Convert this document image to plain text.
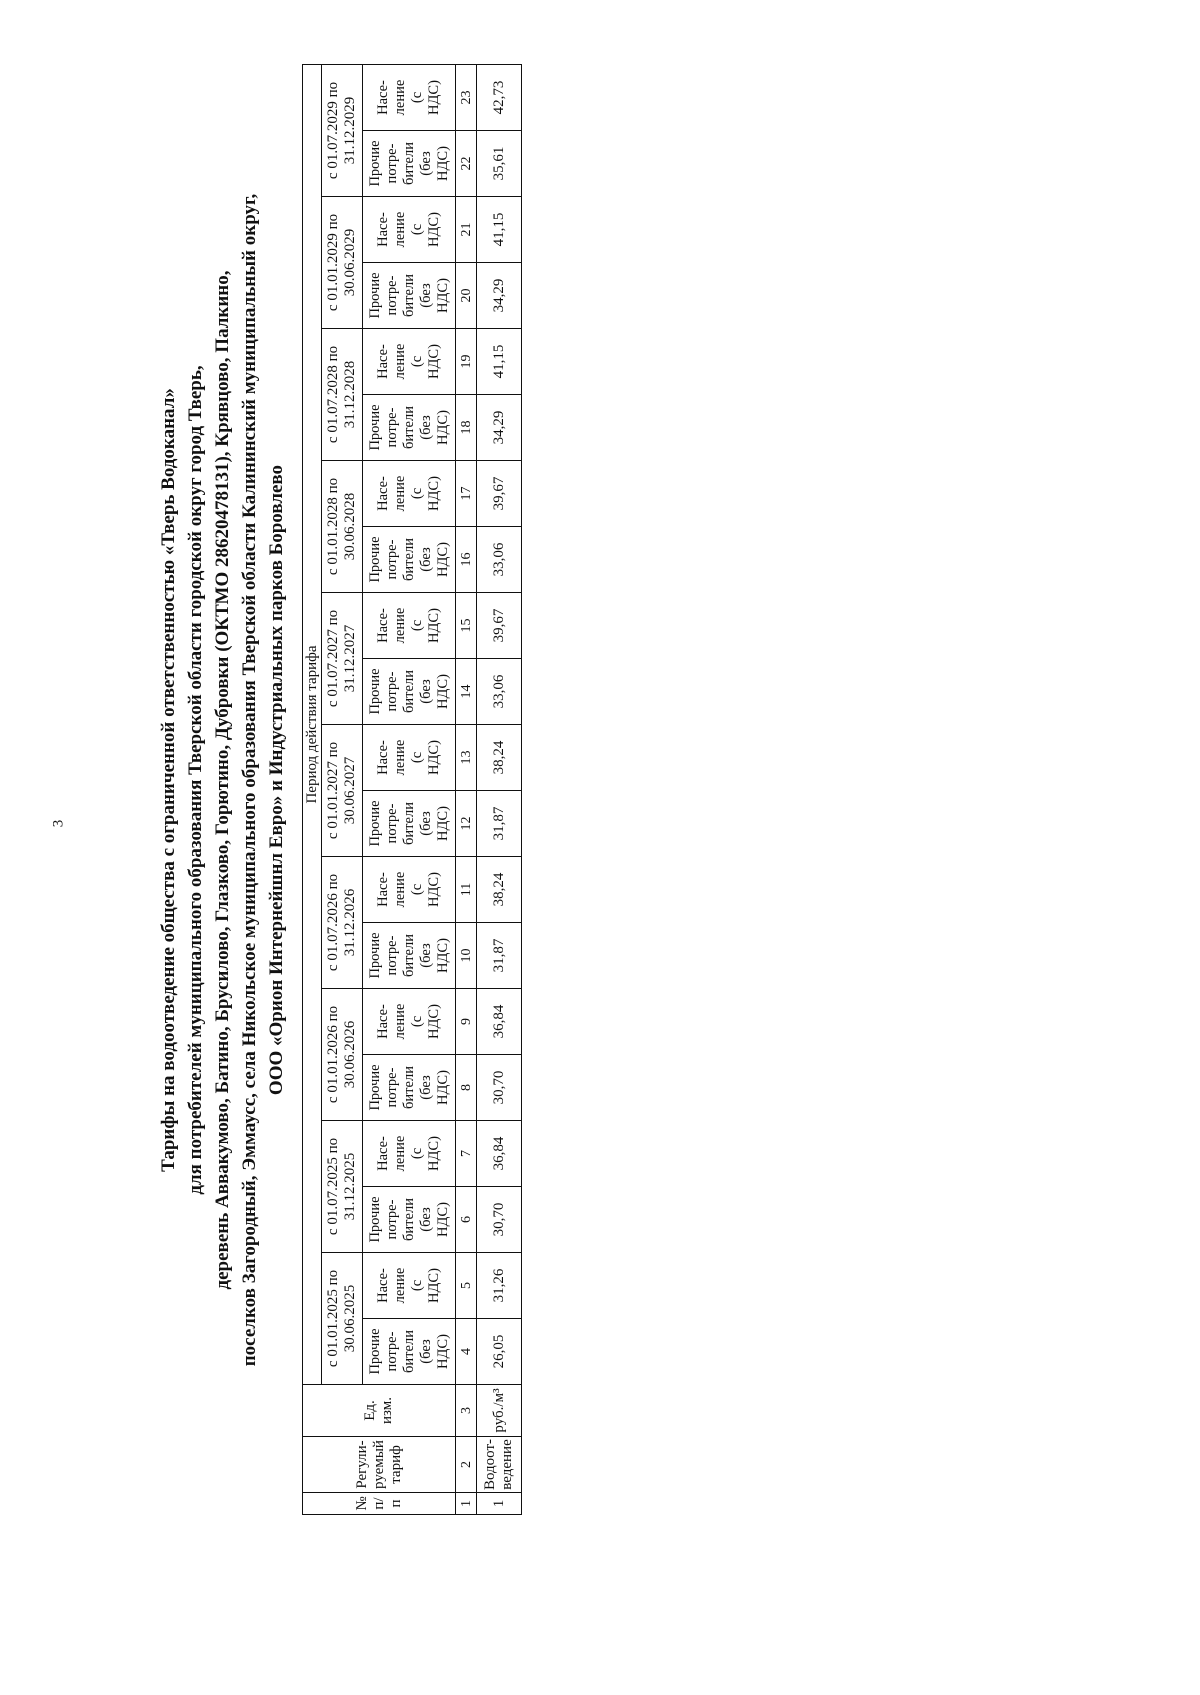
3	Тарифы на водоотведение общества с ограниченной ответственностью «Тверь Водоканал» для потребителей муниципального образования Тверской области городской округ город Тверь, деревень Аввакумово, Батино, Брусилово, Глазково, Горютино, Дубровки (ОКТМО 28620478131), Крявцово, Палкино, поселков Загородный, Эммаусс, села Никольское муниципального образования Тверской области Калининский муниципальный округ, ООО «Орион Интернейшнл Евро» и Индустриальных парков Боровлево
№ п/п	Регули-руемый тариф	Ед. изм.	Период действия тарифа																			
			с 01.01.2025 по 30.06.2025		с 01.07.2025 по 31.12.2025		с 01.01.2026 по 30.06.2026		с 01.07.2026 по 31.12.2026		с 01.01.2027 по 30.06.2027		с 01.07.2027 по 31.12.2027		с 01.01.2028 по 30.06.2028		с 01.07.2028 по 31.12.2028		с 01.01.2029 по 30.06.2029		с 01.07.2029 по 31.12.2029	

			Прочие потре- бители (без НДС)	Насе- ление (с НДС)	Прочие потре- бители (без НДС)	Насе- ление (с НДС)	Прочие потре- бители (без НДС)	Насе- ление (с НДС)	Прочие потре- бители (без НДС)	Насе- ление (с НДС)	Прочие потре- бители (без НДС)	Насе- ление (с НДС)	Прочие потре- бители (без НДС)	Насе- ление (с НДС)	Прочие потре- бители (без НДС)	Насе- ление (с НДС)	Прочие потре- бители (без НДС)	Насе- ление (с НДС)	Прочие потре- бители (без НДС)	Насе- ление (с НДС)	Прочие потре- бители (без НДС)	Насе- ление (с НДС)

1	2	3	4	5	6	7	8	9	10	11	12	13	14	15	16	17	18	19	20	21	22	23
1	Водоот-ведение	руб./м³	26,05	31,26	30,70	36,84	30,70	36,84	31,87	38,24	31,87	38,24	33,06	39,67	33,06	39,67	34,29	41,15	34,29	41,15	35,61	42,73
